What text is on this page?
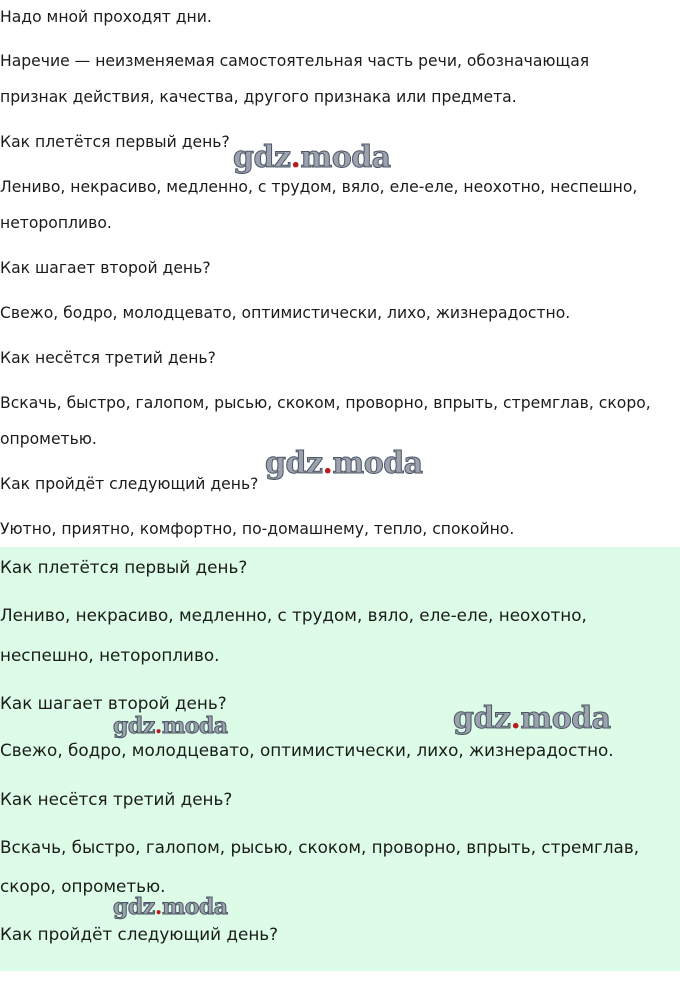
Надо мной проходят дни.

Наречие — неизменяемая самостоятельная часть речи, обозначающая

признак действия, качества, другого признака или предмета.

Как плетётся первый день?

Лениво, некрасиво, медленно, с трудом, вяло, еле-еле, неохотно, неспешно,

неторопливо.

Как шагает второй день?

Свежо, бодро, молодцевато, оптимистически, лихо, жизнерадостно.

Как несётся третий день?

Вскачь, быстро, галопом, рысью, скоком, проворно, впрыть, стремглав, скоро,

опрометью.

Как пройдёт следующий день?

Уютно, приятно, комфортно, по-домашнему, тепло, спокойно.

Как плетётся первый день?

Лениво, некрасиво, медленно, с трудом, вяло, еле-еле, неохотно,

неспешно, неторопливо.

Как шагает второй день?

Свежо, бодро, молодцевато, оптимистически, лихо, жизнерадостно.

Как несётся третий день?

Вскачь, быстро, галопом, рысью, скоком, проворно, впрыть, стремглав,

скоро, опрометью.

Как пройдёт следующий день?

gdz.moda
gdz.moda
gdz.moda	gdz.moda
gdz.moda
